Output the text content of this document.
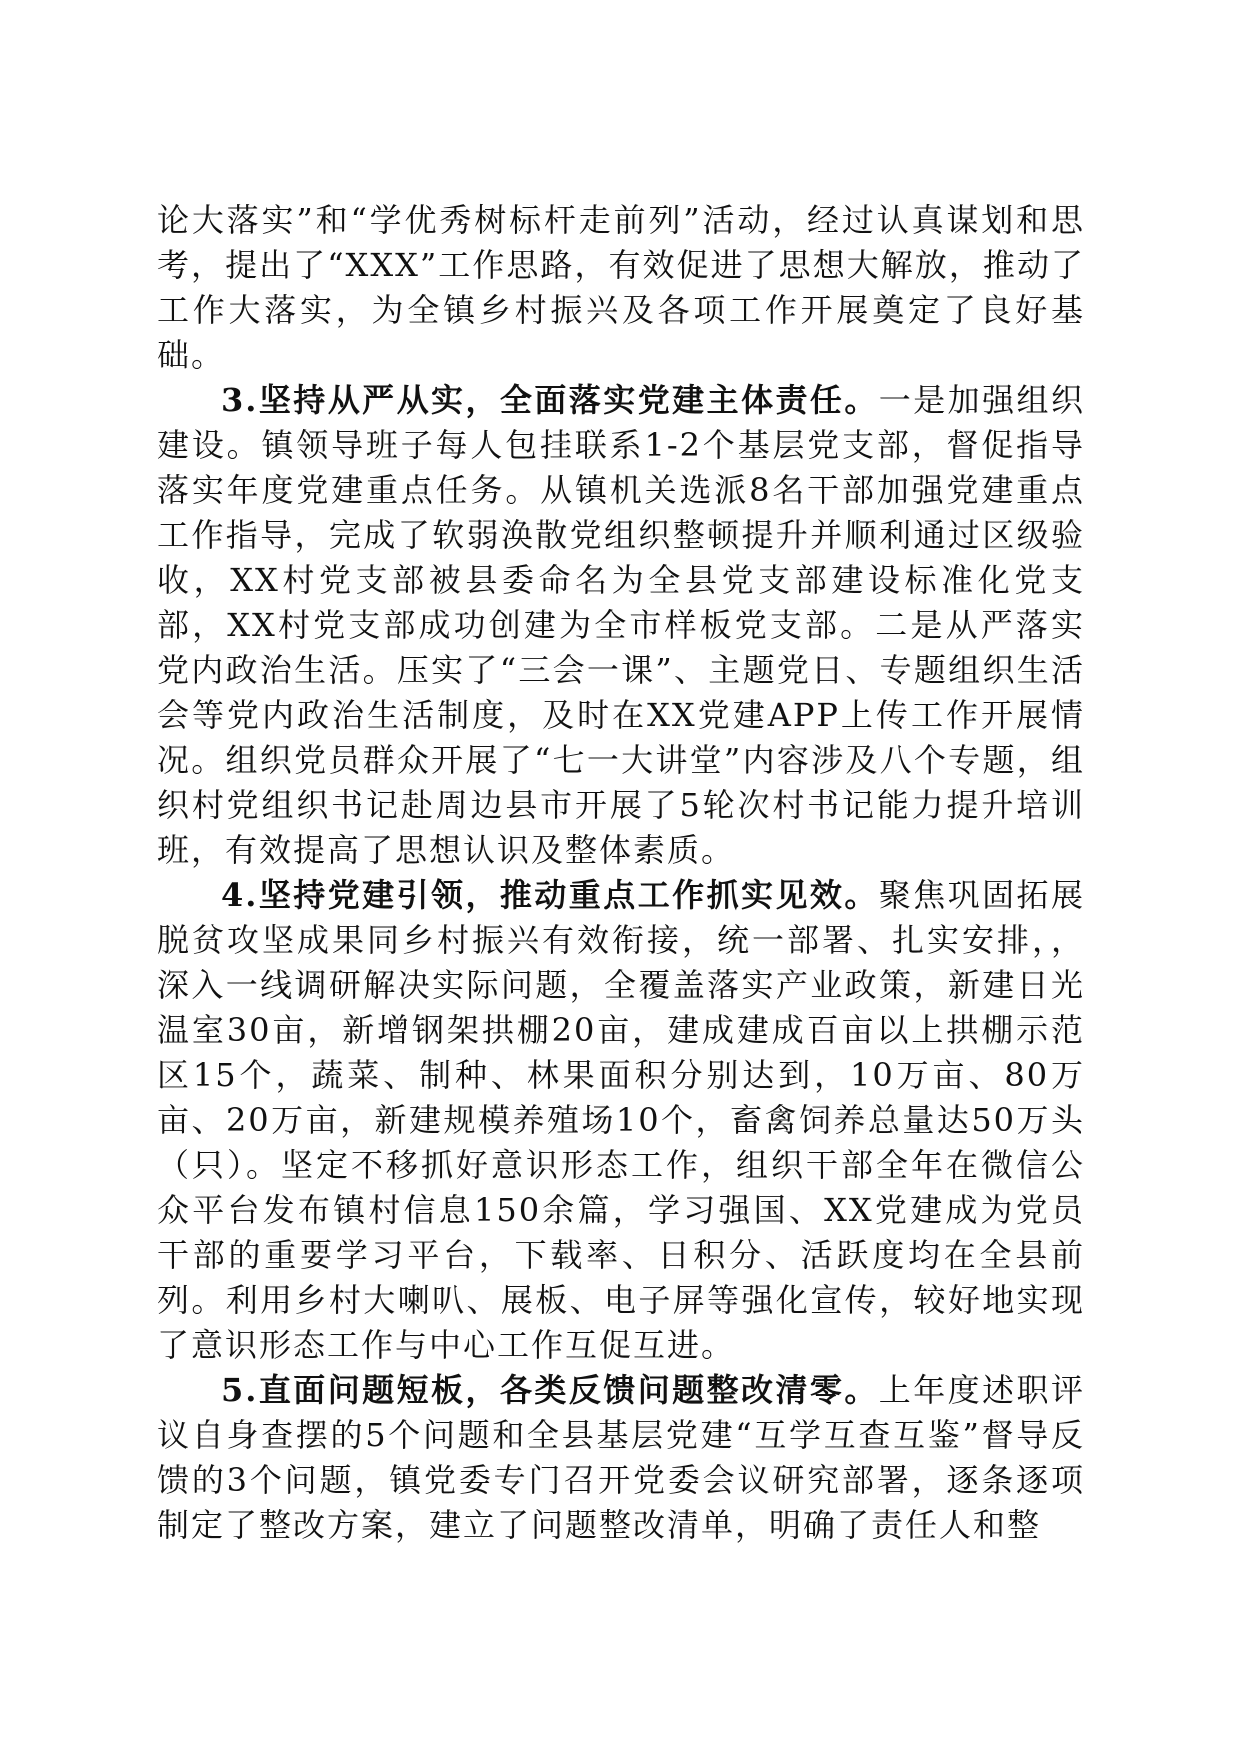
论大落实”和“学优秀树标杆走前列”活动，经过认真谋划和思考，提出了“XXX”工作思路，有效促进了思想大解放，推动了工作大落实，为全镇乡村振兴及各项工作开展奠定了良好基础。

3.坚持从严从实，全面落实党建主体责任。一是加强组织建设。镇领导班子每人包挂联系1-2个基层党支部，督促指导落实年度党建重点任务。从镇机关选派8名干部加强党建重点工作指导，完成了软弱涣散党组织整顿提升并顺利通过区级验收，XX村党支部被县委命名为全县党支部建设标准化党支部，XX村党支部成功创建为全市样板党支部。二是从严落实党内政治生活。压实了“三会一课”、主题党日、专题组织生活会等党内政治生活制度，及时在XX党建APP上传工作开展情况。组织党员群众开展了“七一大讲堂”内容涉及八个专题，组织村党组织书记赴周边县市开展了5轮次村书记能力提升培训班，有效提高了思想认识及整体素质。

4.坚持党建引领，推动重点工作抓实见效。聚焦巩固拓展脱贫攻坚成果同乡村振兴有效衔接，统一部署、扎实安排，，深入一线调研解决实际问题，全覆盖落实产业政策，新建日光温室30亩，新增钢架拱棚20亩，建成建成百亩以上拱棚示范区15个，蔬菜、制种、林果面积分别达到，10万亩、80万亩、20万亩，新建规模养殖场10个，畜禽饲养总量达50万头（只）。坚定不移抓好意识形态工作，组织干部全年在微信公众平台发布镇村信息150余篇，学习强国、XX党建成为党员干部的重要学习平台，下载率、日积分、活跃度均在全县前列。利用乡村大喇叭、展板、电子屏等强化宣传，较好地实现了意识形态工作与中心工作互促互进。

5.直面问题短板，各类反馈问题整改清零。上年度述职评议自身查摆的5个问题和全县基层党建“互学互查互鉴”督导反馈的3个问题，镇党委专门召开党委会议研究部署，逐条逐项制定了整改方案，建立了问题整改清单，明确了责任人和整
